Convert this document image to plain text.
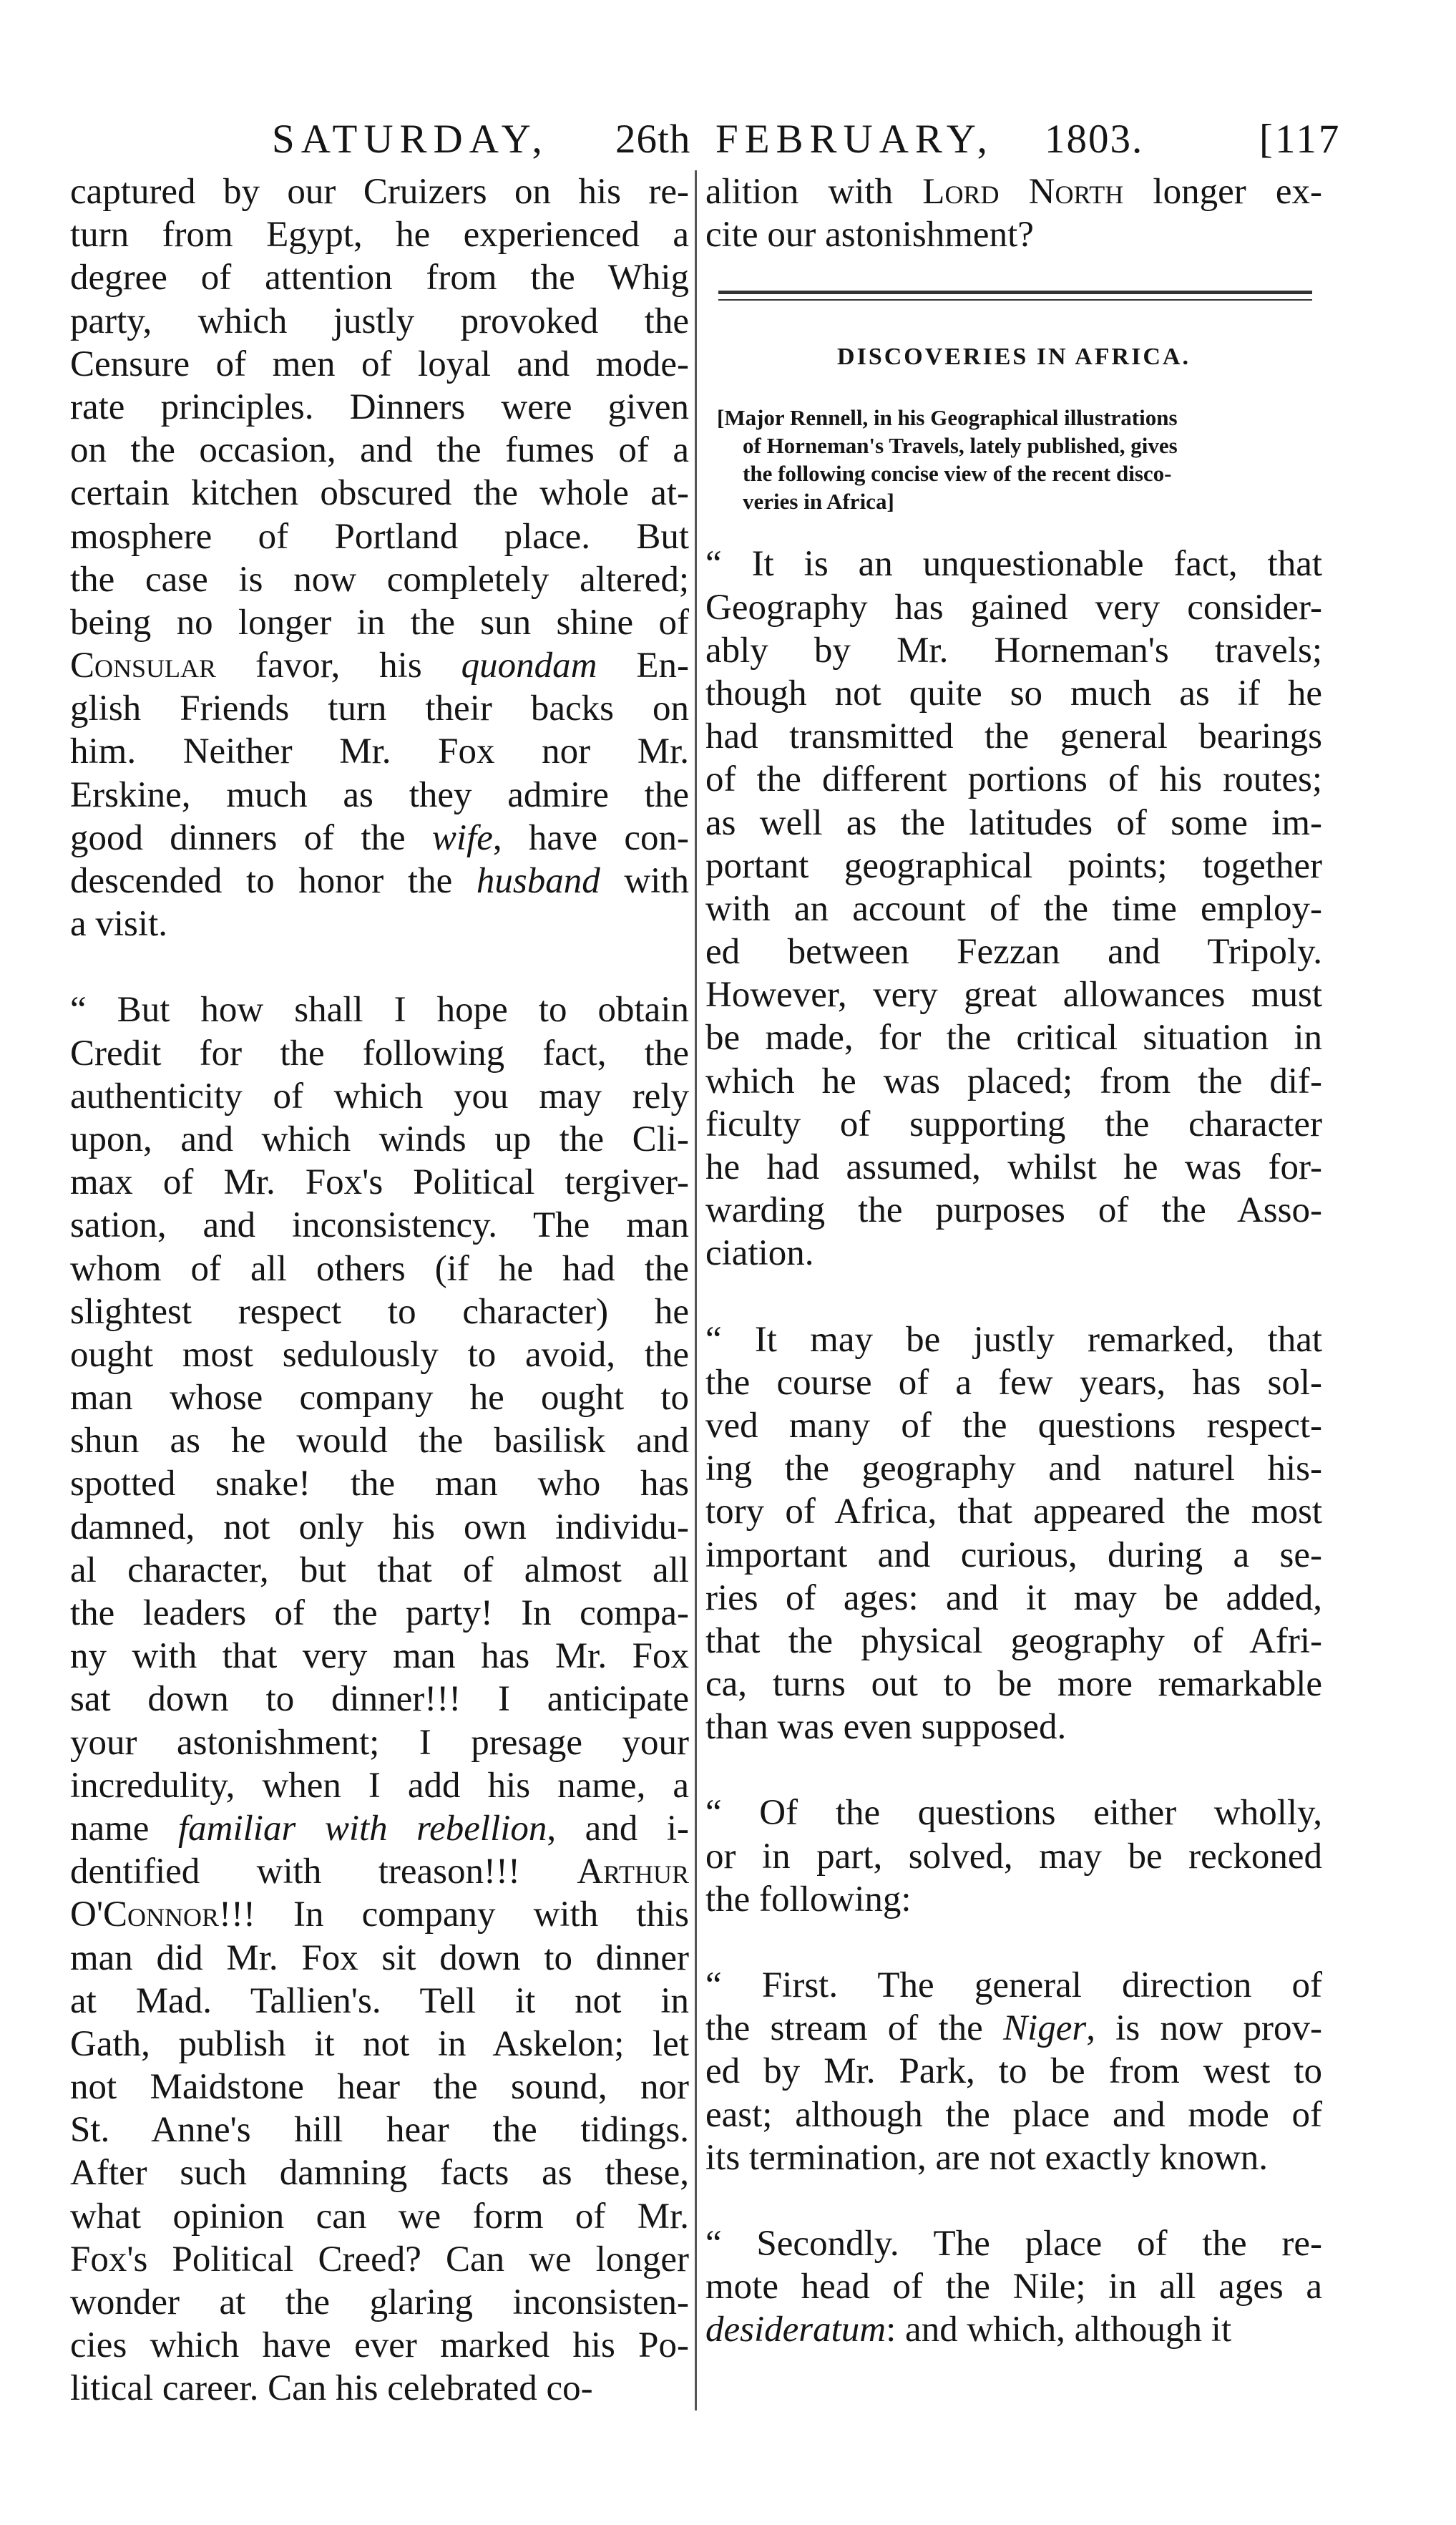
SATURDAY, 26th FEBRUARY, 1803.	[117
captured by our Cruizers on his re-
turn from Egypt, he experienced a
degree of attention from the Whig
party, which justly provoked the
Censure of men of loyal and mode-
rate principles. Dinners were given
on the occasion, and the fumes of a
certain kitchen obscured the whole at-
mosphere of Portland place. But
the case is now completely altered;
being no longer in the sun shine of
Consular favor, his quondam En-
glish Friends turn their backs on
him. Neither Mr. Fox nor Mr.
Erskine, much as they admire the
good dinners of the wife, have con-
descended to honor the husband with
a visit.
“ But how shall I hope to obtain
Credit for the following fact, the
authenticity of which you may rely
upon, and which winds up the Cli-
max of Mr. Fox's Political tergiver-
sation, and inconsistency. The man
whom of all others (if he had the
slightest respect to character) he
ought most sedulously to avoid, the
man whose company he ought to
shun as he would the basilisk and
spotted snake! the man who has
damned, not only his own individu-
al character, but that of almost all
the leaders of the party! In compa-
ny with that very man has Mr. Fox
sat down to dinner!!! I anticipate
your astonishment; I presage your
incredulity, when I add his name, a
name familiar with rebellion, and i-
dentified with treason!!! Arthur
O'Connor!!! In company with this
man did Mr. Fox sit down to dinner
at Mad. Tallien's. Tell it not in
Gath, publish it not in Askelon; let
not Maidstone hear the sound, nor
St. Anne's hill hear the tidings.
After such damning facts as these,
what opinion can we form of Mr.
Fox's Political Creed? Can we longer
wonder at the glaring inconsisten-
cies which have ever marked his Po-
litical career. Can his celebrated co-
alition with Lord North longer ex-
cite our astonishment?
DISCOVERIES IN AFRICA.
[Major Rennell, in his Geographical illustrations
of Horneman's Travels, lately published, gives
the following concise view of the recent disco-
veries in Africa]
“ It is an unquestionable fact, that
Geography has gained very consider-
ably by Mr. Horneman's travels;
though not quite so much as if he
had transmitted the general bearings
of the different portions of his routes;
as well as the latitudes of some im-
portant geographical points; together
with an account of the time employ-
ed between Fezzan and Tripoly.
However, very great allowances must
be made, for the critical situation in
which he was placed; from the dif-
ficulty of supporting the character
he had assumed, whilst he was for-
warding the purposes of the Asso-
ciation.
“ It may be justly remarked, that
the course of a few years, has sol-
ved many of the questions respect-
ing the geography and naturel his-
tory of Africa, that appeared the most
important and curious, during a se-
ries of ages: and it may be added,
that the physical geography of Afri-
ca, turns out to be more remarkable
than was even supposed.
“ Of the questions either wholly,
or in part, solved, may be reckoned
the following:
“ First. The general direction of
the stream of the Niger, is now prov-
ed by Mr. Park, to be from west to
east; although the place and mode of
its termination, are not exactly known.
“ Secondly. The place of the re-
mote head of the Nile; in all ages a
desideratum: and which, although it
